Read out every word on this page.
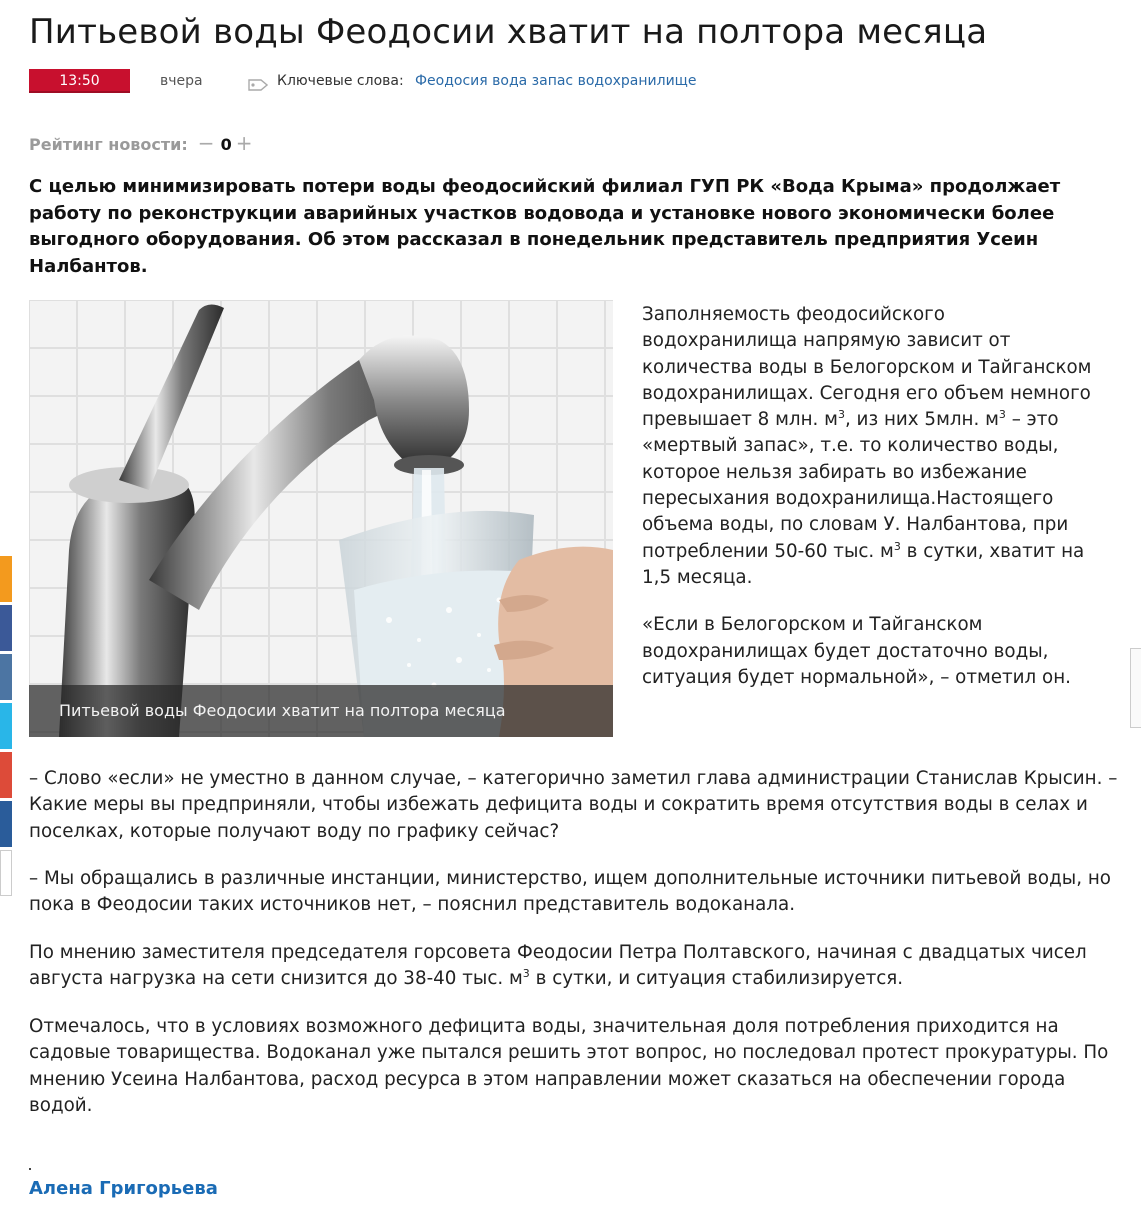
Питьевой воды Феодосии хватит на полтора месяца
13:50	вчера	Ключевые слова: Феодосия вода запас водохранилище
Рейтинг новости: − 0 +

С целью минимизировать потери воды феодосийский филиал ГУП РК «Вода Крыма» продолжает работу по реконструкции аварийных участков водовода и установке нового экономически более выгодного оборудования. Об этом рассказал в понедельник представитель предприятия Усеин Налбантов.

Питьевой воды Феодосии хватит на полтора месяца

Заполняемость феодосийского водохранилища напрямую зависит от количества воды в Белогорском и Тайганском водохранилищах. Сегодня его объем немного превышает 8 млн. $м^3$, из них 5млн. $м^3$ – это «мертвый запас», т.е. то количество воды, которое нельзя забирать во избежание пересыхания водохранилища.Настоящего объема воды, по словам У. Налбантова, при потреблении 50-60 тыс. $м^3$ в сутки, хватит на 1,5 месяца.

«Если в Белогорском и Тайганском водохранилищах будет достаточно воды, ситуация будет нормальной», – отметил он.

– Слово «если» не уместно в данном случае, – категорично заметил глава администрации Станислав Крысин. – Какие меры вы предприняли, чтобы избежать дефицита воды и сократить время отсутствия воды в селах и поселках, которые получают воду по графику сейчас?

– Мы обращались в различные инстанции, министерство, ищем дополнительные источники питьевой воды, но пока в Феодосии таких источников нет, – пояснил представитель водоканала.

По мнению заместителя председателя горсовета Феодосии Петра Полтавского, начиная с двадцатых чисел августа нагрузка на сети снизится до 38-40 тыс. $м^3$ в сутки, и ситуация стабилизируется.

Отмечалось, что в условиях возможного дефицита воды, значительная доля потребления приходится на садовые товарищества. Водоканал уже пытался решить этот вопрос, но последовал протест прокуратуры. По мнению Усеина Налбантова, расход ресурса в этом направлении может сказаться на обеспечении города водой.

Алена Григорьева
